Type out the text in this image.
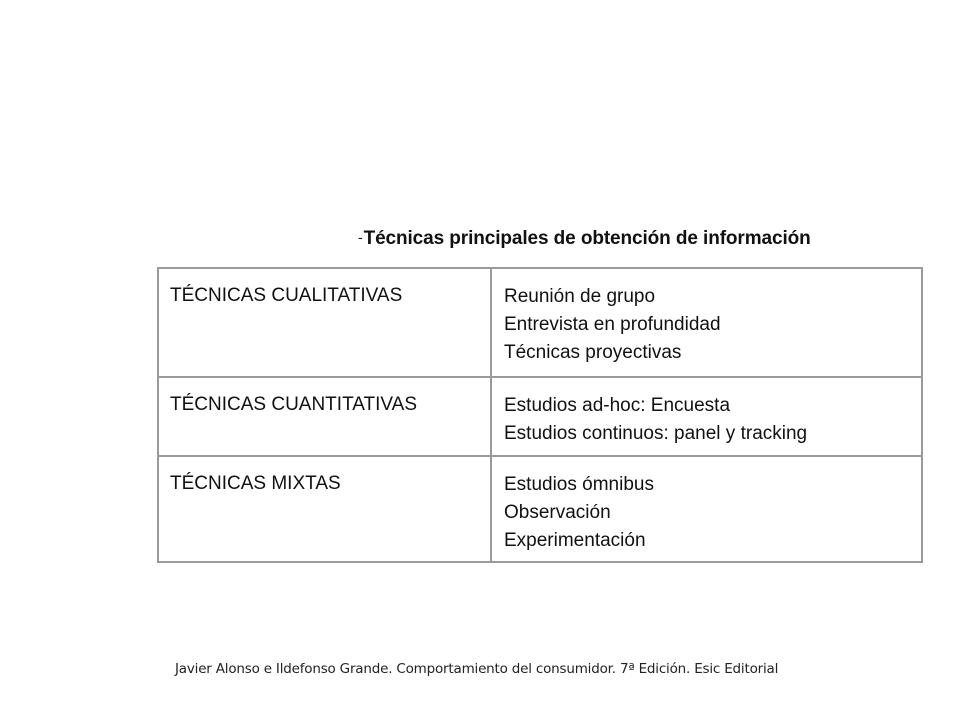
-Técnicas principales de obtención de información
TÉCNICAS CUALITATIVAS	Reunión de grupo
Entrevista en profundidad
Técnicas proyectivas

TÉCNICAS CUANTITATIVAS	Estudios ad-hoc: Encuesta
Estudios continuos: panel y tracking

TÉCNICAS MIXTAS	Estudios ómnibus
Observación
Experimentación
Javier Alonso e Ildefonso Grande. Comportamiento del consumidor. 7ª Edición. Esic Editorial
